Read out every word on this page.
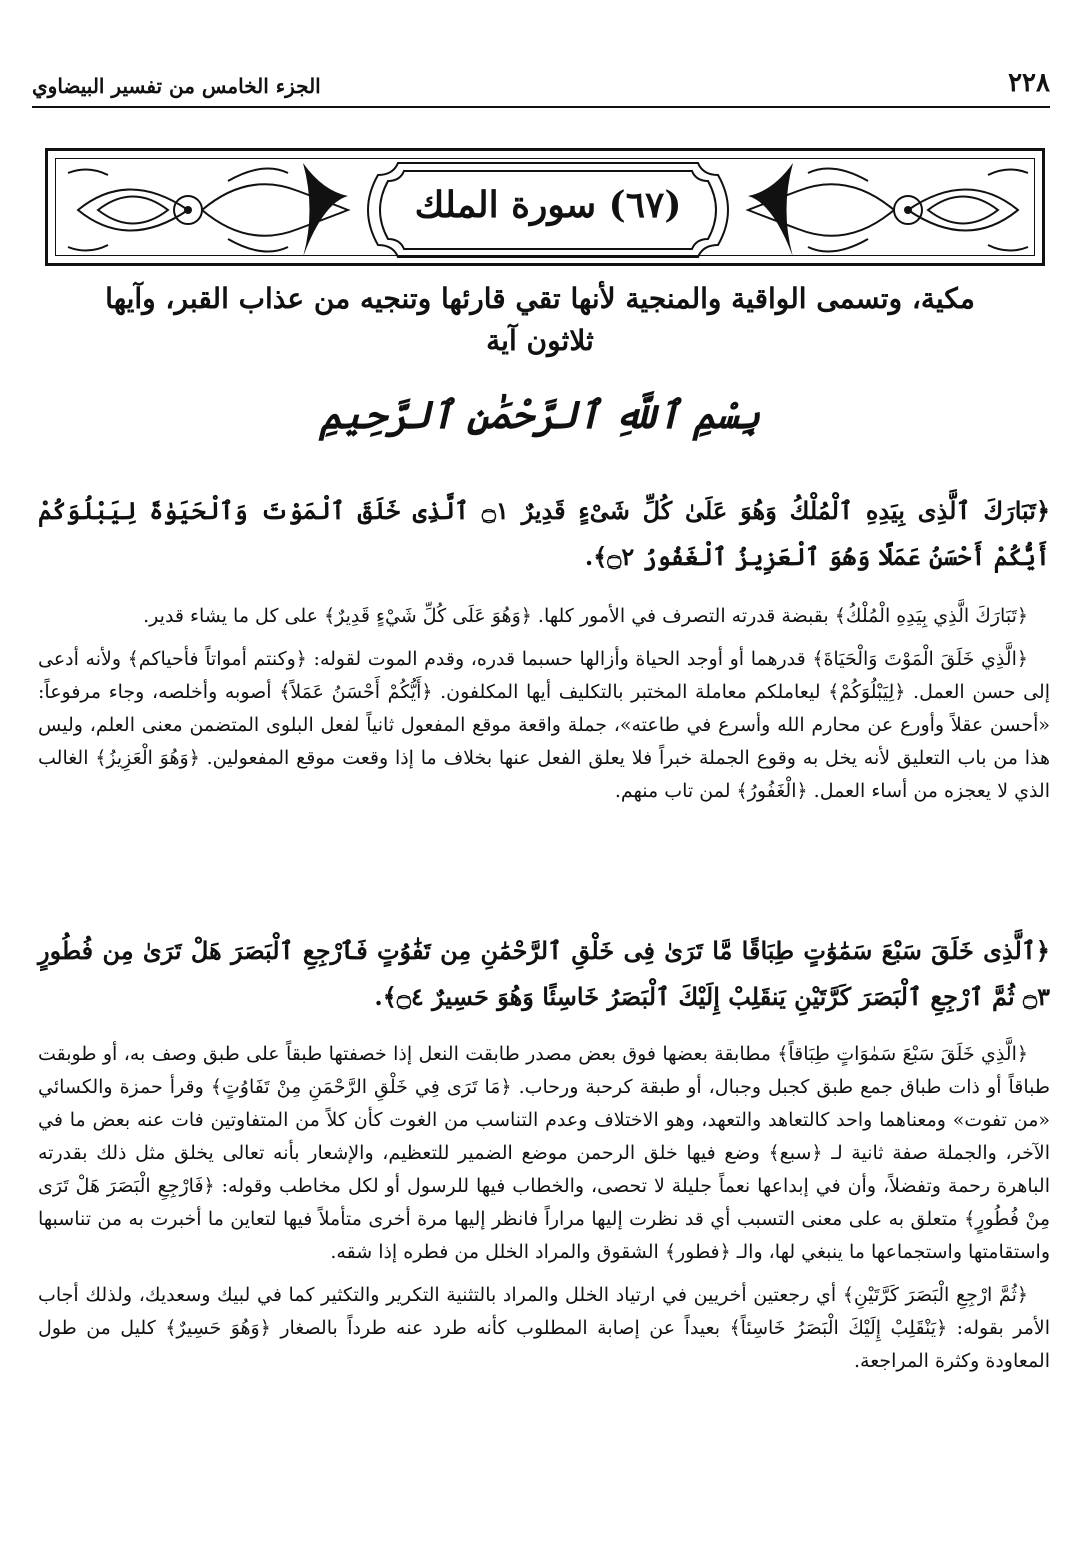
الجزء الخامس من تفسير البيضاوي	٢٢٨
(٦٧) سورة الملك
مكية، وتسمى الواقية والمنجية لأنها تقي قارئها وتنجيه من عذاب القبر، وآيها
ثلاثون آية
بِسْمِ ٱللَّهِ ٱلرَّحْمَٰنِ ٱلرَّحِيمِ
﴿تَبَارَكَ ٱلَّذِى بِيَدِهِ ٱلْمُلْكُ وَهُوَ عَلَىٰ كُلِّ شَىْءٍ قَدِيرٌ ۝١ ٱلَّذِى خَلَقَ ٱلْمَوْتَ وَٱلْحَيَوٰةَ لِيَبْلُوَكُمْ أَيُّكُمْ أَحْسَنُ عَمَلًا وَهُوَ ٱلْعَزِيزُ ٱلْغَفُورُ ۝٢﴾.

﴿تَبَارَكَ الَّذِي بِيَدِهِ الْمُلْكُ﴾ بقبضة قدرته التصرف في الأمور كلها. ﴿وَهُوَ عَلَى كُلِّ شَيْءٍ قَدِيرٌ﴾ على كل ما يشاء قدير.

﴿الَّذِي خَلَقَ الْمَوْتَ وَالْحَيَاةَ﴾ قدرهما أو أوجد الحياة وأزالها حسبما قدره، وقدم الموت لقوله: ﴿وكنتم أمواتاً فأحياكم﴾ ولأنه أدعى إلى حسن العمل. ﴿لِيَبْلُوَكُمْ﴾ ليعاملكم معاملة المختبر بالتكليف أيها المكلفون. ﴿أَيُّكُمْ أَحْسَنُ عَمَلاً﴾ أصوبه وأخلصه، وجاء مرفوعاً: «أحسن عقلاً وأورع عن محارم الله وأسرع في طاعته»، جملة واقعة موقع المفعول ثانياً لفعل البلوى المتضمن معنى العلم، وليس هذا من باب التعليق لأنه يخل به وقوع الجملة خبراً فلا يعلق الفعل عنها بخلاف ما إذا وقعت موقع المفعولين. ﴿وَهُوَ الْعَزِيزُ﴾ الغالب الذي لا يعجزه من أساء العمل. ﴿الْغَفُورُ﴾ لمن تاب منهم.

﴿ٱلَّذِى خَلَقَ سَبْعَ سَمَٰوَٰتٍ طِبَاقًا مَّا تَرَىٰ فِى خَلْقِ ٱلرَّحْمَٰنِ مِن تَفَٰوُتٍ فَٱرْجِعِ ٱلْبَصَرَ هَلْ تَرَىٰ مِن فُطُورٍ ۝٣ ثُمَّ ٱرْجِعِ ٱلْبَصَرَ كَرَّتَيْنِ يَنقَلِبْ إِلَيْكَ ٱلْبَصَرُ خَاسِئًا وَهُوَ حَسِيرٌ ۝٤﴾.

﴿الَّذِي خَلَقَ سَبْعَ سَمٰوَاتٍ طِبَاقاً﴾ مطابقة بعضها فوق بعض مصدر طابقت النعل إذا خصفتها طبقاً على طبق وصف به، أو طوبقت طباقاً أو ذات طباق جمع طبق كجبل وجبال، أو طبقة كرحبة ورحاب. ﴿مَا تَرَى فِي خَلْقِ الرَّحْمَنِ مِنْ تَفَاوُتٍ﴾ وقرأ حمزة والكسائي «من تفوت» ومعناهما واحد كالتعاهد والتعهد، وهو الاختلاف وعدم التناسب من الغوت كأن كلاً من المتفاوتين فات عنه بعض ما في الآخر، والجملة صفة ثانية لـ ﴿سبع﴾ وضع فيها خلق الرحمن موضع الضمير للتعظيم، والإشعار بأنه تعالى يخلق مثل ذلك بقدرته الباهرة رحمة وتفضلاً، وأن في إبداعها نعماً جليلة لا تحصى، والخطاب فيها للرسول أو لكل مخاطب وقوله: ﴿فَارْجِعِ الْبَصَرَ هَلْ تَرَى مِنْ فُطُورٍ﴾ متعلق به على معنى التسبب أي قد نظرت إليها مراراً فانظر إليها مرة أخرى متأملاً فيها لتعاين ما أخبرت به من تناسبها واستقامتها واستجماعها ما ينبغي لها، والـ ﴿فطور﴾ الشقوق والمراد الخلل من فطره إذا شقه.

﴿ثُمَّ ارْجِعِ الْبَصَرَ كَرَّتَيْنِ﴾ أي رجعتين أخريين في ارتياد الخلل والمراد بالتثنية التكرير والتكثير كما في لبيك وسعديك، ولذلك أجاب الأمر بقوله: ﴿يَنْقَلِبْ إِلَيْكَ الْبَصَرُ خَاسِئاً﴾ بعيداً عن إصابة المطلوب كأنه طرد عنه طرداً بالصغار ﴿وَهُوَ حَسِيرٌ﴾ كليل من طول المعاودة وكثرة المراجعة.
